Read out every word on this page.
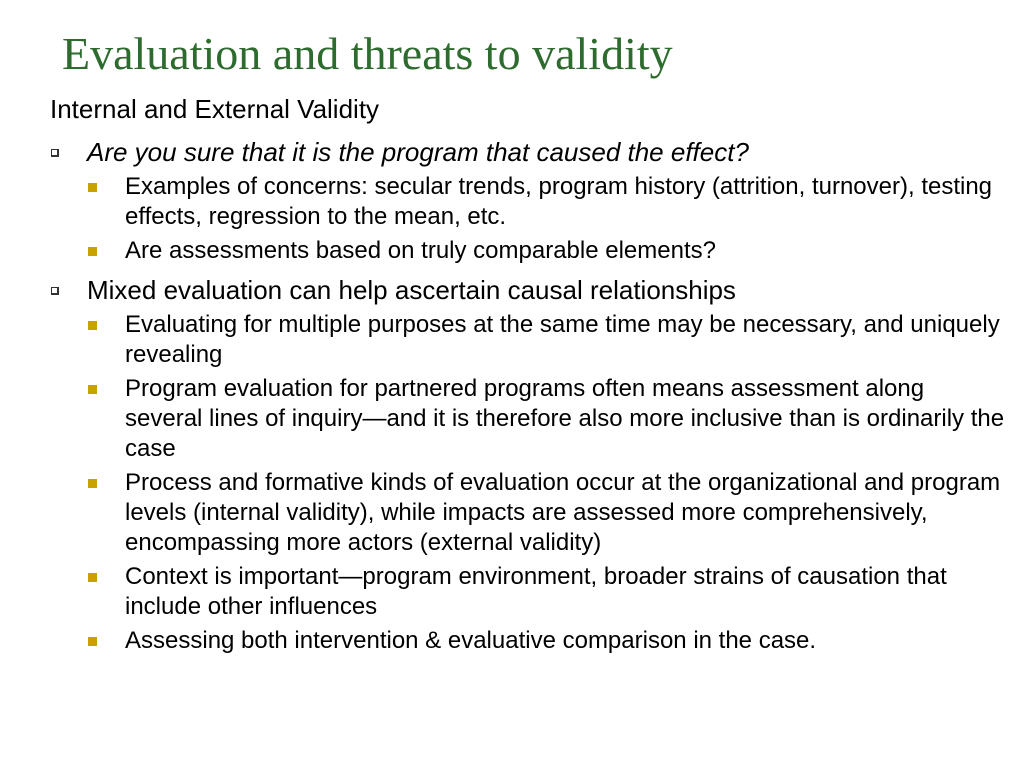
Evaluation and threats to validity
Internal and External Validity
Are you sure that it is the program that caused the effect?
Examples of concerns: secular trends, program history (attrition, turnover), testing effects, regression to the mean, etc.
Are assessments based on truly comparable elements?
Mixed evaluation can help ascertain causal relationships
Evaluating for multiple purposes at the same time may be necessary, and uniquely revealing
Program evaluation for partnered programs often means assessment along several lines of inquiry—and it is therefore also more inclusive than is ordinarily the case
Process and formative kinds of evaluation occur at the organizational and program levels (internal validity), while impacts are assessed more comprehensively, encompassing more actors (external validity)
Context is important—program environment, broader strains of causation that include other influences
Assessing both intervention & evaluative comparison in the case.
